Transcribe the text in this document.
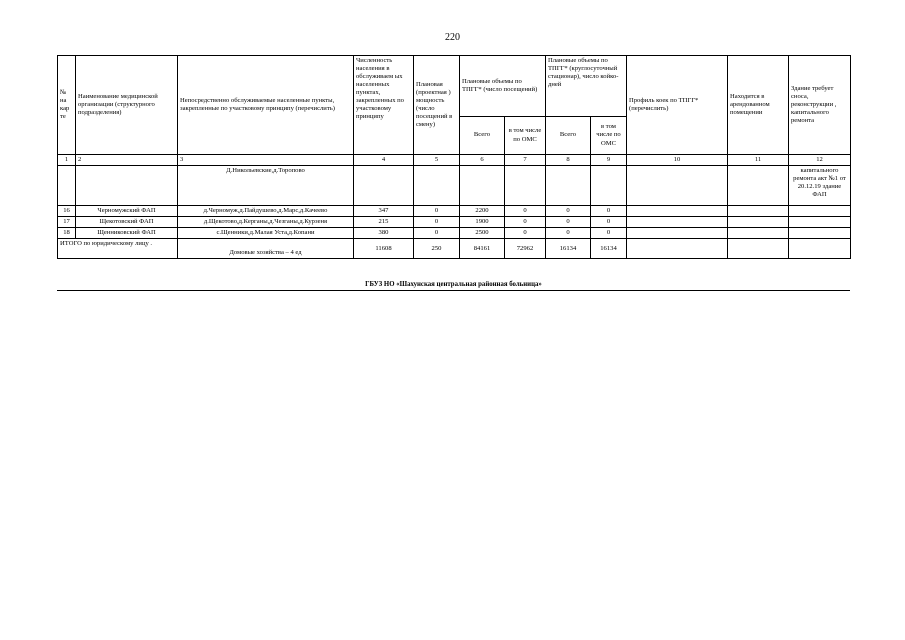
220
№ на кар те	Наименование медицинской организации (структурного подразделения)	Непосредственно обслуживаемые населенные пункты, закрепленные по участковому принципу (перечислить)	Численность населения в обслуживаем ых населенных пунктах, закрепленных по участковому принципу	Плановая (проектная ) мощность (число посещений в смену)	Плановые объемы по ТПГГ* (число посещений)		Плановые объемы по ТПГГ* (круглосуточный стационар), число койко-дней		Профиль коек по ТПГГ* (перечислить)	Находится в арендованном помещении	Здание требует сноса, реконструкции , капитального ремонта
					Всего	в том числе по ОМС	Всего	в том числе по ОМС			
1	2	3	4	5	6	7	8	9	10	11	12
		Д.Никольевские,д.Торопово									капитального ремонта акт №1 от 20.12.19 здание ФАП
16	Черномужский ФАП	д.Черномуж,д.Пайдушево,д.Марс,д.Качеево	347	0	2200	0	0	0			
17	Щекотовский ФАП	д.Щекотово,д.Керганы,д.Чезганы,д.Курзеня	215	0	1900	0	0	0			
18	Щенниковский ФАП	с.Щенники,д.Малая Уста,д.Копани	380	0	2500	0	0	0			
ИТОГО по юридическому лицу .		Домовые хозяйства – 4 ед	11608	250	84161	72962	16134	16134			
ГБУЗ НО «Шахунская центральная районная больница»
